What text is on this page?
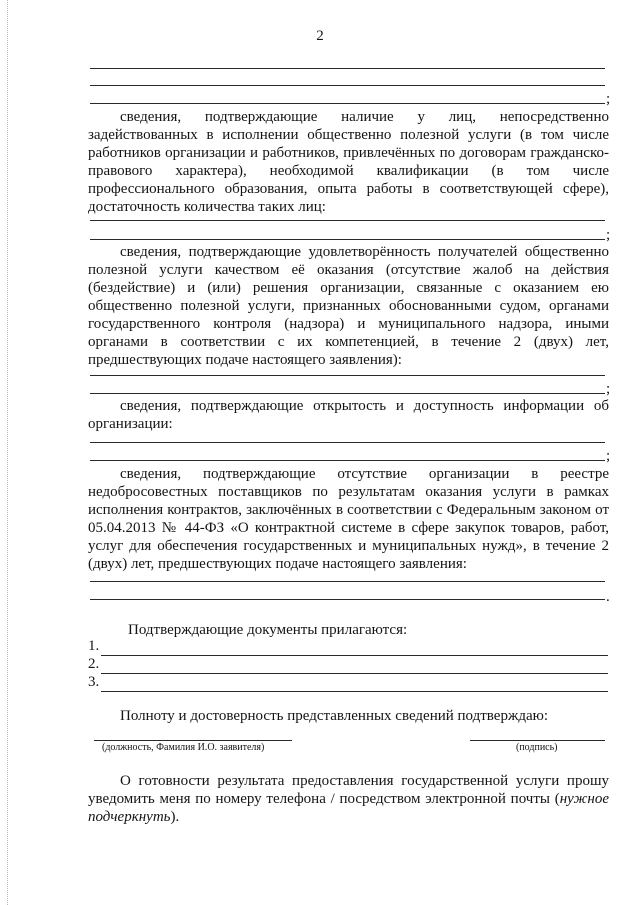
2
;

сведения, подтверждающие наличие у лиц, непосредственно задействованных в исполнении общественно полезной услуги (в том числе работников организации и работников, привлечённых по договорам гражданско-правового характера), необходимой квалификации (в том числе профессионального образования, опыта работы в соответствующей сфере), достаточность количества таких лиц:

;

сведения, подтверждающие удовлетворённость получателей общественно полезной услуги качеством её оказания (отсутствие жалоб на действия (бездействие) и (или) решения организации, связанные с оказанием ею общественно полезной услуги, признанных обоснованными судом, органами государственного контроля (надзора) и муниципального надзора, иными органами в соответствии с их компетенцией, в течение 2 (двух) лет, предшествующих подаче настоящего заявления):

;

сведения, подтверждающие открытость и доступность информации об организации:

;

сведения, подтверждающие отсутствие организации в реестре недобросовестных поставщиков по результатам оказания услуги в рамках исполнения контрактов, заключённых в соответствии с Федеральным законом от 05.04.2013 № 44-ФЗ «О контрактной системе в сфере закупок товаров, работ, услуг для обеспечения государственных и муниципальных нужд», в течение 2 (двух) лет, предшествующих подаче настоящего заявления:

.
Подтверждающие документы прилагаются:
1.
2.
3.
Полноту и достоверность представленных сведений подтверждаю:
(должность, Фамилия И.О. заявителя)	(подпись)

О готовности результата предоставления государственной услуги прошу уведомить меня по номеру телефона / посредством электронной почты (нужное подчеркнуть).
